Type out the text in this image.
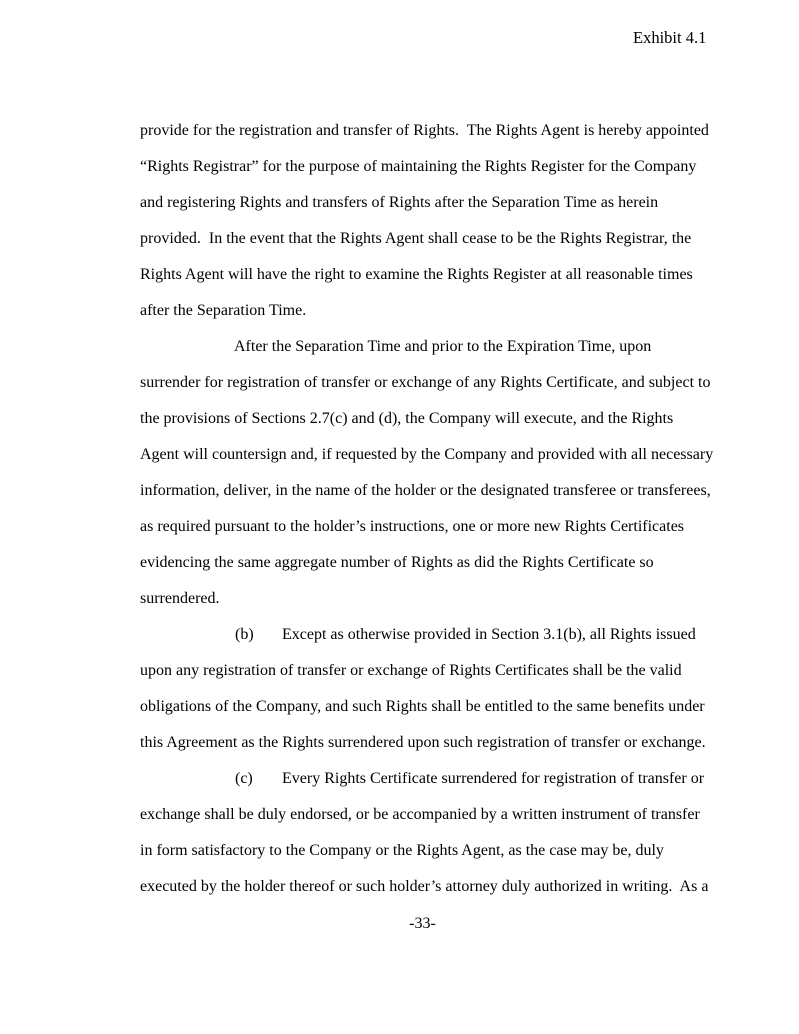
Exhibit 4.1
provide for the registration and transfer of Rights.  The Rights Agent is hereby appointed
“Rights Registrar” for the purpose of maintaining the Rights Register for the Company
and registering Rights and transfers of Rights after the Separation Time as herein
provided.  In the event that the Rights Agent shall cease to be the Rights Registrar, the
Rights Agent will have the right to examine the Rights Register at all reasonable times
after the Separation Time.
After the Separation Time and prior to the Expiration Time, upon
surrender for registration of transfer or exchange of any Rights Certificate, and subject to
the provisions of Sections 2.7(c) and (d), the Company will execute, and the Rights
Agent will countersign and, if requested by the Company and provided with all necessary
information, deliver, in the name of the holder or the designated transferee or transferees,
as required pursuant to the holder’s instructions, one or more new Rights Certificates
evidencing the same aggregate number of Rights as did the Rights Certificate so
surrendered.
(b) Except as otherwise provided in Section 3.1(b), all Rights issued
upon any registration of transfer or exchange of Rights Certificates shall be the valid
obligations of the Company, and such Rights shall be entitled to the same benefits under
this Agreement as the Rights surrendered upon such registration of transfer or exchange.
(c) Every Rights Certificate surrendered for registration of transfer or
exchange shall be duly endorsed, or be accompanied by a written instrument of transfer
in form satisfactory to the Company or the Rights Agent, as the case may be, duly
executed by the holder thereof or such holder’s attorney duly authorized in writing.  As a
-33-
